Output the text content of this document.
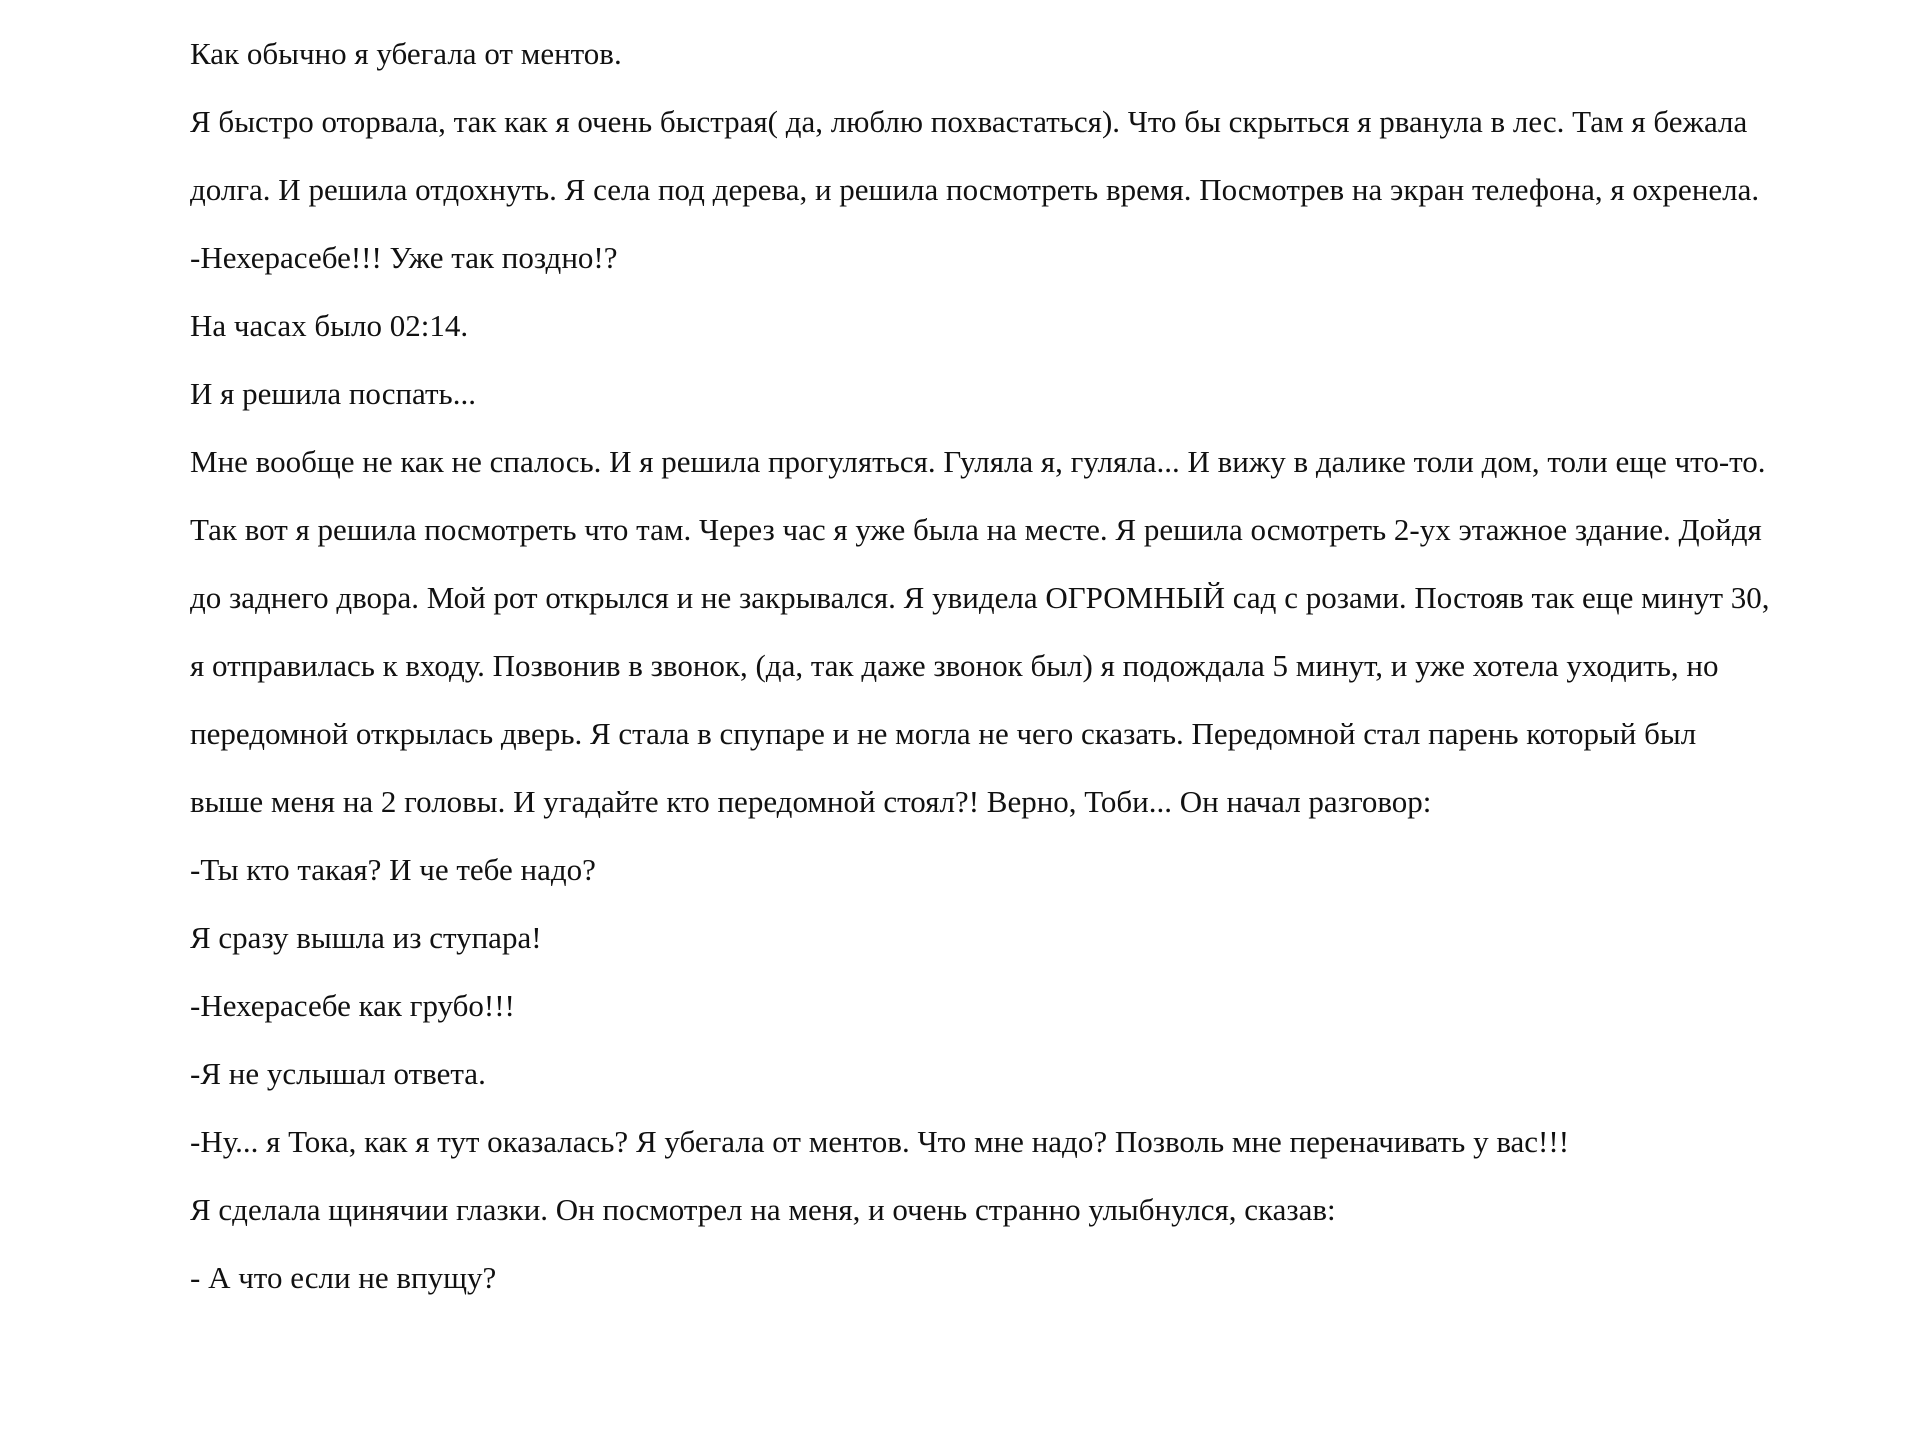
Как обычно я убегала от ментов.

Я быстро оторвала, так как я очень быстрая( да, люблю похвастаться). Что бы скрыться я рванула в лес. Там я бежала долга. И решила отдохнуть. Я села под дерева, и решила посмотреть время. Посмотрев на экран телефона, я охренела.

-Нехерасебе!!! Уже так поздно!?

На часах было 02:14.

И я решила поспать...

Мне вообще не как не спалось. И я решила прогуляться. Гуляла я, гуляла... И вижу в далике толи дом, толи еще что-то. Так вот я решила посмотреть что там. Через час я уже была на месте. Я решила осмотреть 2-ух этажное здание. Дойдя до заднего двора. Мой рот открылся и не закрывался. Я увидела ОГРОМНЫЙ сад с розами. Постояв так еще минут 30, я отправилась к входу. Позвонив в звонок, (да, так даже звонок был) я подождала 5 минут, и уже хотела уходить, но передомной открылась дверь. Я стала в спупаре и не могла не чего сказать. Передомной стал парень который был выше меня на 2 головы. И угадайте кто передомной стоял?! Верно, Тоби... Он начал разговор:

-Ты кто такая? И че тебе надо?

Я сразу вышла из ступара!

-Нехерасебе как грубо!!!

-Я не услышал ответа.

-Ну... я Тока, как я тут оказалась? Я убегала от ментов. Что мне надо? Позволь мне переначивать у вас!!!

Я сделала щинячии глазки. Он посмотрел на меня, и очень странно улыбнулся, сказав:

- А что если не впущу?
